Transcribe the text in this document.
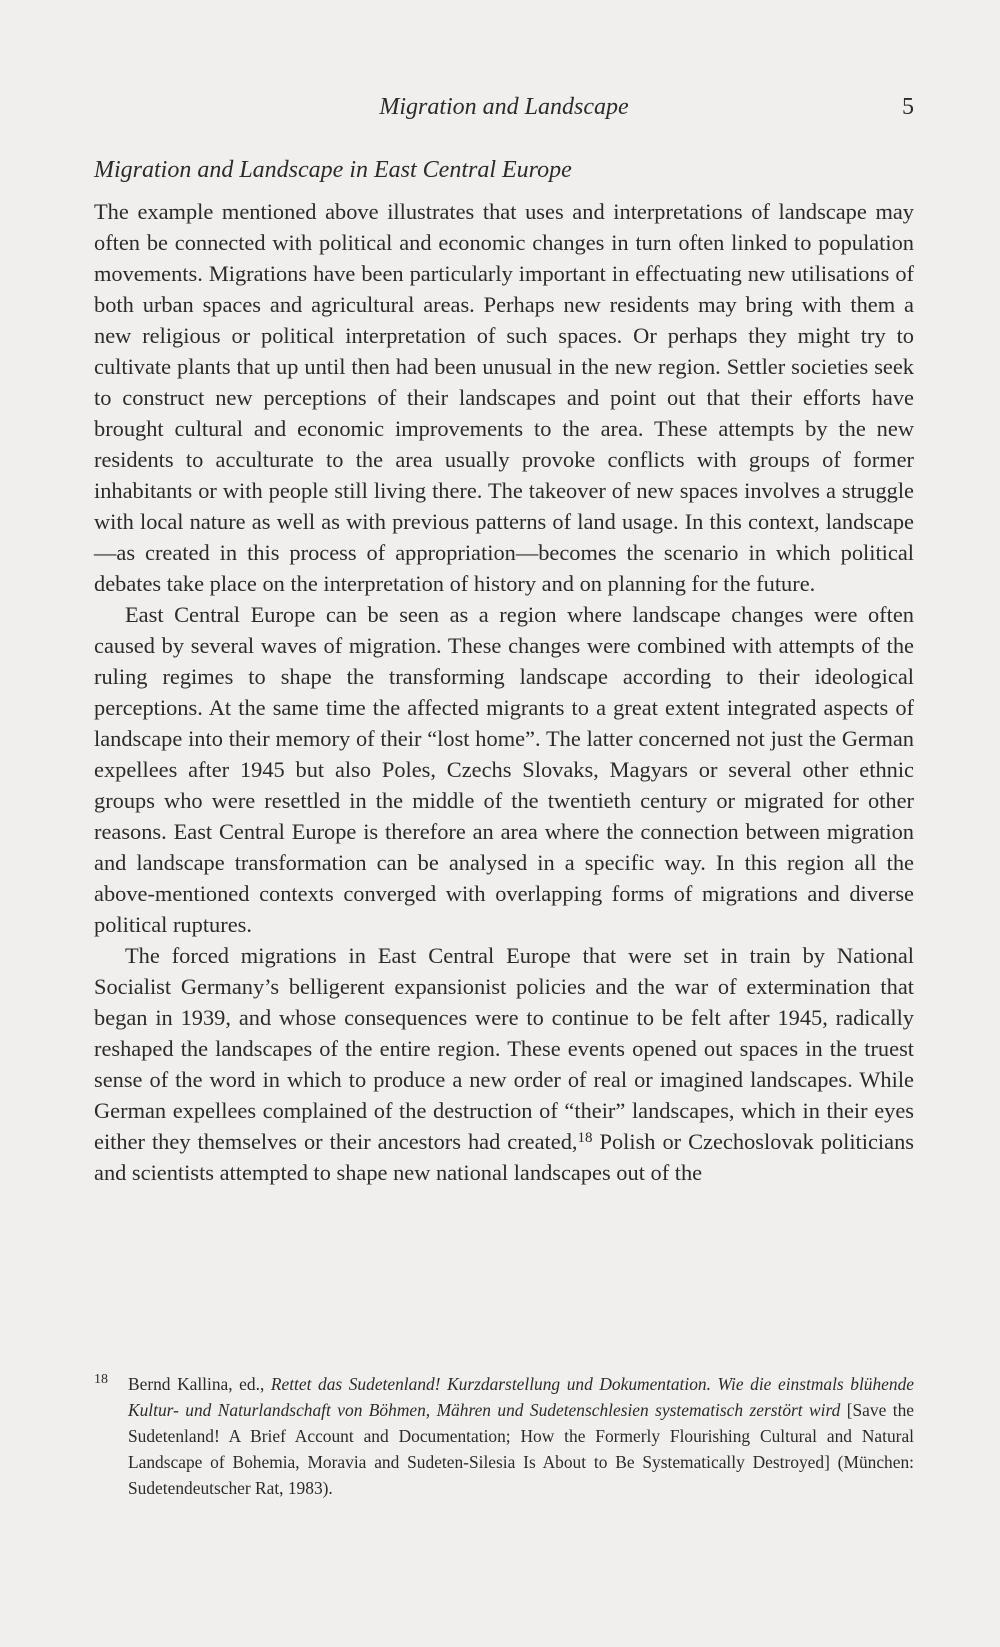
Migration and Landscape	5
Migration and Landscape in East Central Europe

The example mentioned above illustrates that uses and interpretations of landscape may often be connected with political and economic changes in turn often linked to population movements. Migrations have been particularly important in effectuating new utilisations of both urban spaces and agricultural areas. Perhaps new residents may bring with them a new religious or political interpretation of such spaces. Or perhaps they might try to cultivate plants that up until then had been unusual in the new region. Settler societies seek to construct new perceptions of their landscapes and point out that their efforts have brought cultural and economic improvements to the area. These attempts by the new residents to acculturate to the area usually provoke conflicts with groups of former inhabitants or with people still living there. The takeover of new spaces involves a struggle with local nature as well as with previous patterns of land usage. In this context, landscape—as created in this process of appropriation—becomes the scenario in which political debates take place on the interpretation of history and on planning for the future.

East Central Europe can be seen as a region where landscape changes were often caused by several waves of migration. These changes were combined with attempts of the ruling regimes to shape the transforming landscape according to their ideological perceptions. At the same time the affected migrants to a great extent integrated aspects of landscape into their memory of their “lost home”. The latter concerned not just the German expellees after 1945 but also Poles, Czechs Slovaks, Magyars or several other ethnic groups who were resettled in the middle of the twentieth century or migrated for other reasons. East Central Europe is therefore an area where the connection between migration and landscape transformation can be analysed in a specific way. In this region all the above-mentioned contexts converged with overlapping forms of migrations and diverse political ruptures.

The forced migrations in East Central Europe that were set in train by National Socialist Germany’s belligerent expansionist policies and the war of extermination that began in 1939, and whose consequences were to continue to be felt after 1945, radically reshaped the landscapes of the entire region. These events opened out spaces in the truest sense of the word in which to produce a new order of real or imagined landscapes. While German expellees complained of the destruction of “their” landscapes, which in their eyes either they themselves or their ancestors had created,$^{18}$ Polish or Czechoslovak politicians and scientists attempted to shape new national landscapes out of the

18 Bernd Kallina, ed., Rettet das Sudetenland! Kurzdarstellung und Dokumentation. Wie die einstmals blühende Kultur- und Naturlandschaft von Böhmen, Mähren und Sudetenschlesien systematisch zerstört wird [Save the Sudetenland! A Brief Account and Documentation; How the Formerly Flourishing Cultural and Natural Landscape of Bohemia, Moravia and Sudeten-Silesia Is About to Be Systematically Destroyed] (München: Sudetendeutscher Rat, 1983).
